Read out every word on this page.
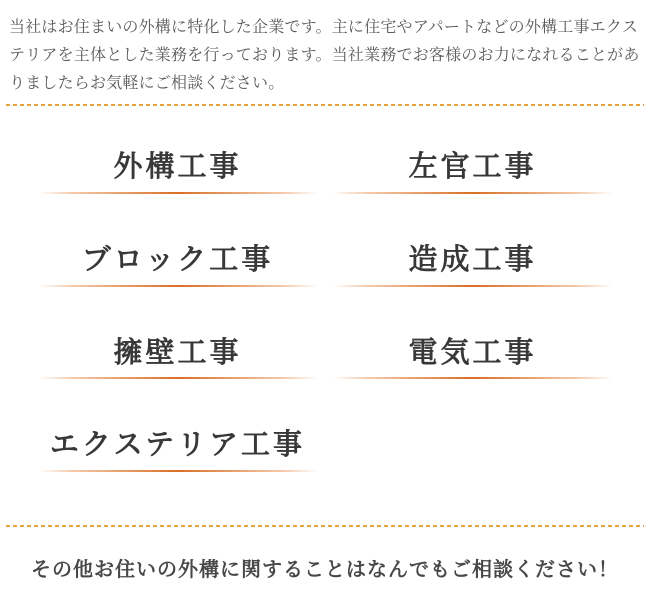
当社はお住まいの外構に特化した企業です。主に住宅やアパートなどの外構工事エクス
テリアを主体とした業務を行っております。当社業務でお客様のお力になれることがあ
りましたらお気軽にご相談ください。
外構工事	左官工事
ブロック工事	造成工事
擁壁工事	電気工事
エクステリア工事
その他お住いの外構に関することはなんでもご相談ください！
